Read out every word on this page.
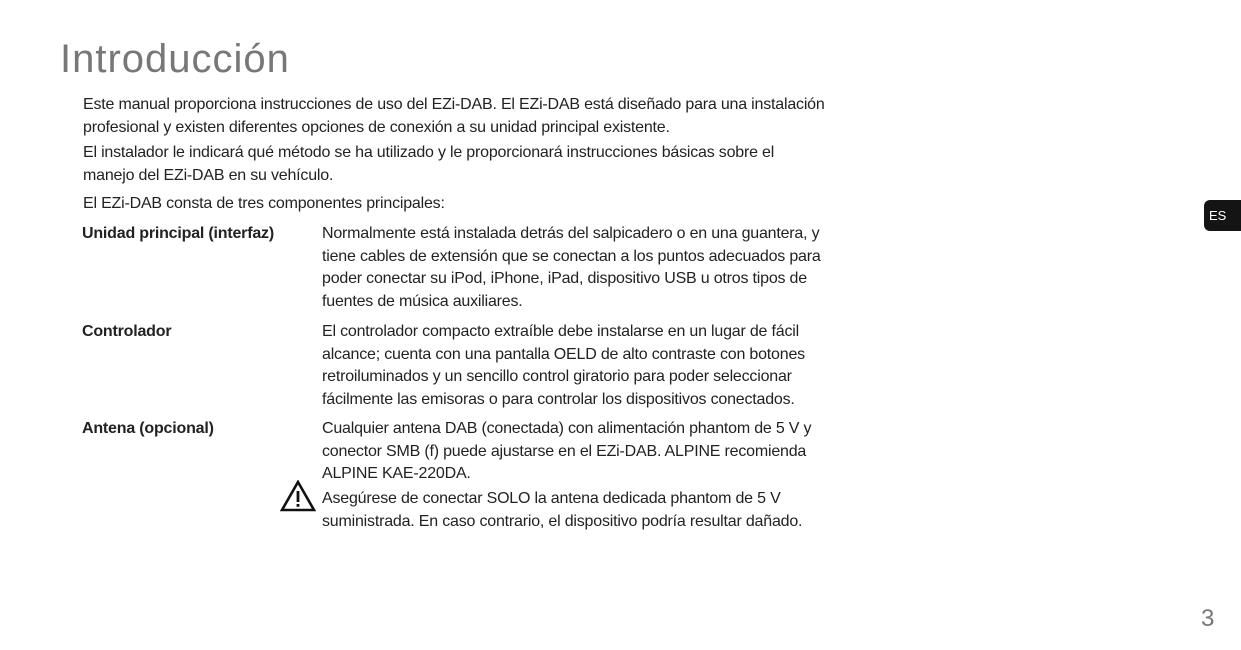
Introducción

Este manual proporciona instrucciones de uso del EZi-DAB. El EZi-DAB está diseñado para una instalación profesional y existen diferentes opciones de conexión a su unidad principal existente.

El instalador le indicará qué método se ha utilizado y le proporcionará instrucciones básicas sobre el manejo del EZi-DAB en su vehículo.

El EZi-DAB consta de tres componentes principales:

Unidad principal (interfaz)	Normalmente está instalada detrás del salpicadero o en una guantera, y tiene cables de extensión que se conectan a los puntos adecuados para poder conectar su iPod, iPhone, iPad, dispositivo USB u otros tipos de fuentes de música auxiliares.
Controlador	El controlador compacto extraíble debe instalarse en un lugar de fácil alcance; cuenta con una pantalla OELD de alto contraste con botones retroiluminados y un sencillo control giratorio para poder seleccionar fácilmente las emisoras o para controlar los dispositivos conectados.
Antena (opcional)	Cualquier antena DAB (conectada) con alimentación phantom de 5 V y conector SMB (f) puede ajustarse en el EZi-DAB. ALPINE recomienda ALPINE KAE-220DA.
Asegúrese de conectar SOLO la antena dedicada phantom de 5 V suministrada. En caso contrario, el dispositivo podría resultar dañado.
ES
3
